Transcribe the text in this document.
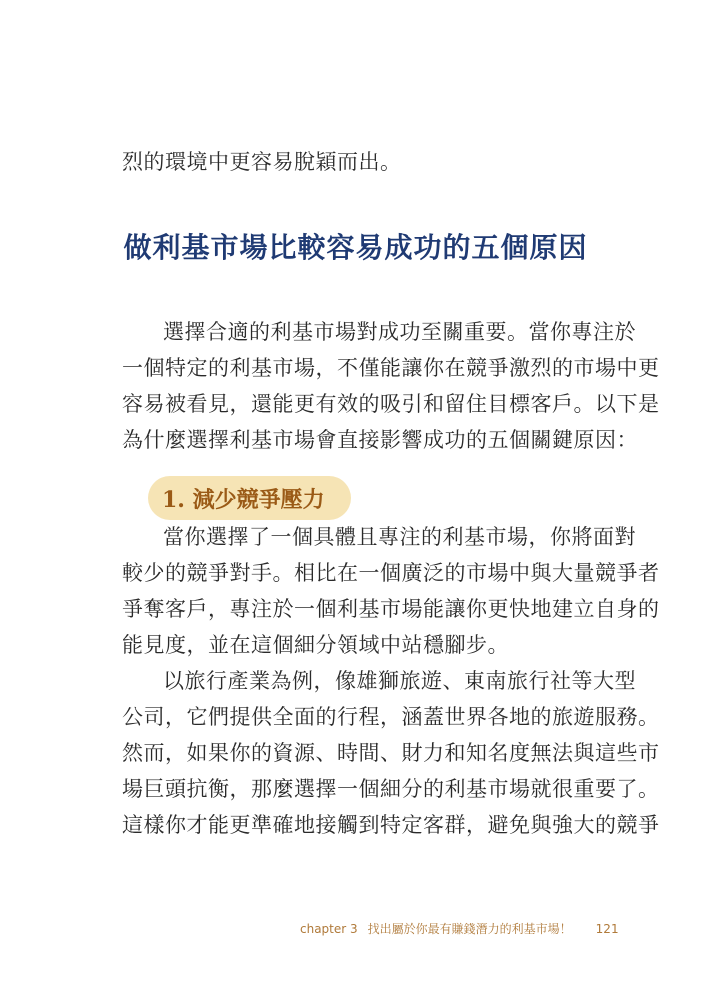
烈的環境中更容易脫穎而出。
做利基市場比較容易成功的五個原因
選擇合適的利基市場對成功至關重要。當你專注於
一個特定的利基市場，不僅能讓你在競爭激烈的市場中更
容易被看見，還能更有效的吸引和留住目標客戶。以下是
為什麼選擇利基市場會直接影響成功的五個關鍵原因：
1. 減少競爭壓力
當你選擇了一個具體且專注的利基市場，你將面對
較少的競爭對手。相比在一個廣泛的市場中與大量競爭者
爭奪客戶，專注於一個利基市場能讓你更快地建立自身的
能見度，並在這個細分領域中站穩腳步。
以旅行產業為例，像雄獅旅遊、東南旅行社等大型
公司，它們提供全面的行程，涵蓋世界各地的旅遊服務。
然而，如果你的資源、時間、財力和知名度無法與這些市
場巨頭抗衡，那麼選擇一個細分的利基市場就很重要了。
這樣你才能更準確地接觸到特定客群，避免與強大的競爭
chapter 3 找出屬於你最有賺錢潛力的利基市場！ 121
